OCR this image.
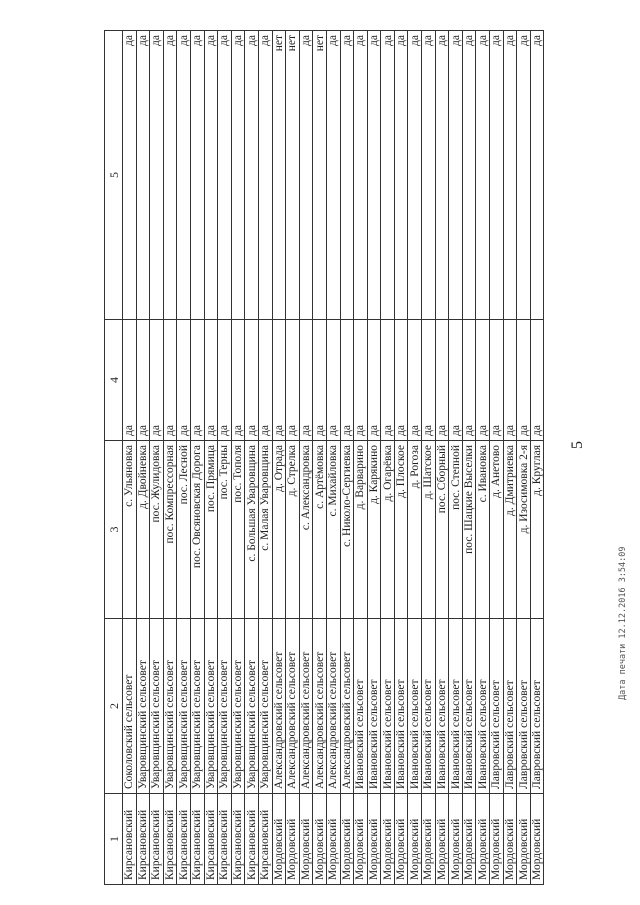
5
1	2	3	4	5
Кирсановский	Соколовский сельсовет	с. Ульяновка	да	да
Кирсановский	Уваровщинский сельсовет	д. Двойневка	да	да
Кирсановский	Уваровщинский сельсовет	пос. Жулидовка	да	да
Кирсановский	Уваровщинский сельсовет	пос. Компрессорная	да	да
Кирсановский	Уваровщинский сельсовет	пос. Лесной	да	да
Кирсановский	Уваровщинский сельсовет	пос. Овсяновская Дорога	да	да
Кирсановский	Уваровщинский сельсовет	пос. Прямица	да	да
Кирсановский	Уваровщинский сельсовет	пос. Терны	да	да
Кирсановский	Уваровщинский сельсовет	пос. Тополя	да	да
Кирсановский	Уваровщинский сельсовет	с. Большая Уваровщина	да	да
Кирсановский	Уваровщинский сельсовет	с. Малая Уваровщина	да	да
Мордовский	Александровский сельсовет	д. Отрада	да	нет
Мордовский	Александровский сельсовет	д. Стрелка	да	нет
Мордовский	Александровский сельсовет	с. Александровка	да	да
Мордовский	Александровский сельсовет	с. Артёмовка	да	нет
Мордовский	Александровский сельсовет	с. Михайловка	да	да
Мордовский	Александровский сельсовет	с. Николо-Сергиевка	да	да
Мордовский	Ивановский сельсовет	д. Варварино	да	да
Мордовский	Ивановский сельсовет	д. Карякино	да	да
Мордовский	Ивановский сельсовет	д. Огарёвка	да	да
Мордовский	Ивановский сельсовет	д. Плоское	да	да
Мордовский	Ивановский сельсовет	д. Рогоза	да	да
Мордовский	Ивановский сельсовет	д. Шатское	да	да
Мордовский	Ивановский сельсовет	пос. Сборный	да	да
Мордовский	Ивановский сельсовет	пос. Степной	да	да
Мордовский	Ивановский сельсовет	пос. Шацкие Выселки	да	да
Мордовский	Ивановский сельсовет	с. Ивановка	да	да
Мордовский	Лавровский сельсовет	д. Анетово	да	да
Мордовский	Лавровский сельсовет	д. Дмитриевка	да	да
Мордовский	Лавровский сельсовет	д. Изосимовка 2-я	да	да
Мордовский	Лавровский сельсовет	д. Круглая	да	да
Дата печати 12.12.2016 3:54:09
